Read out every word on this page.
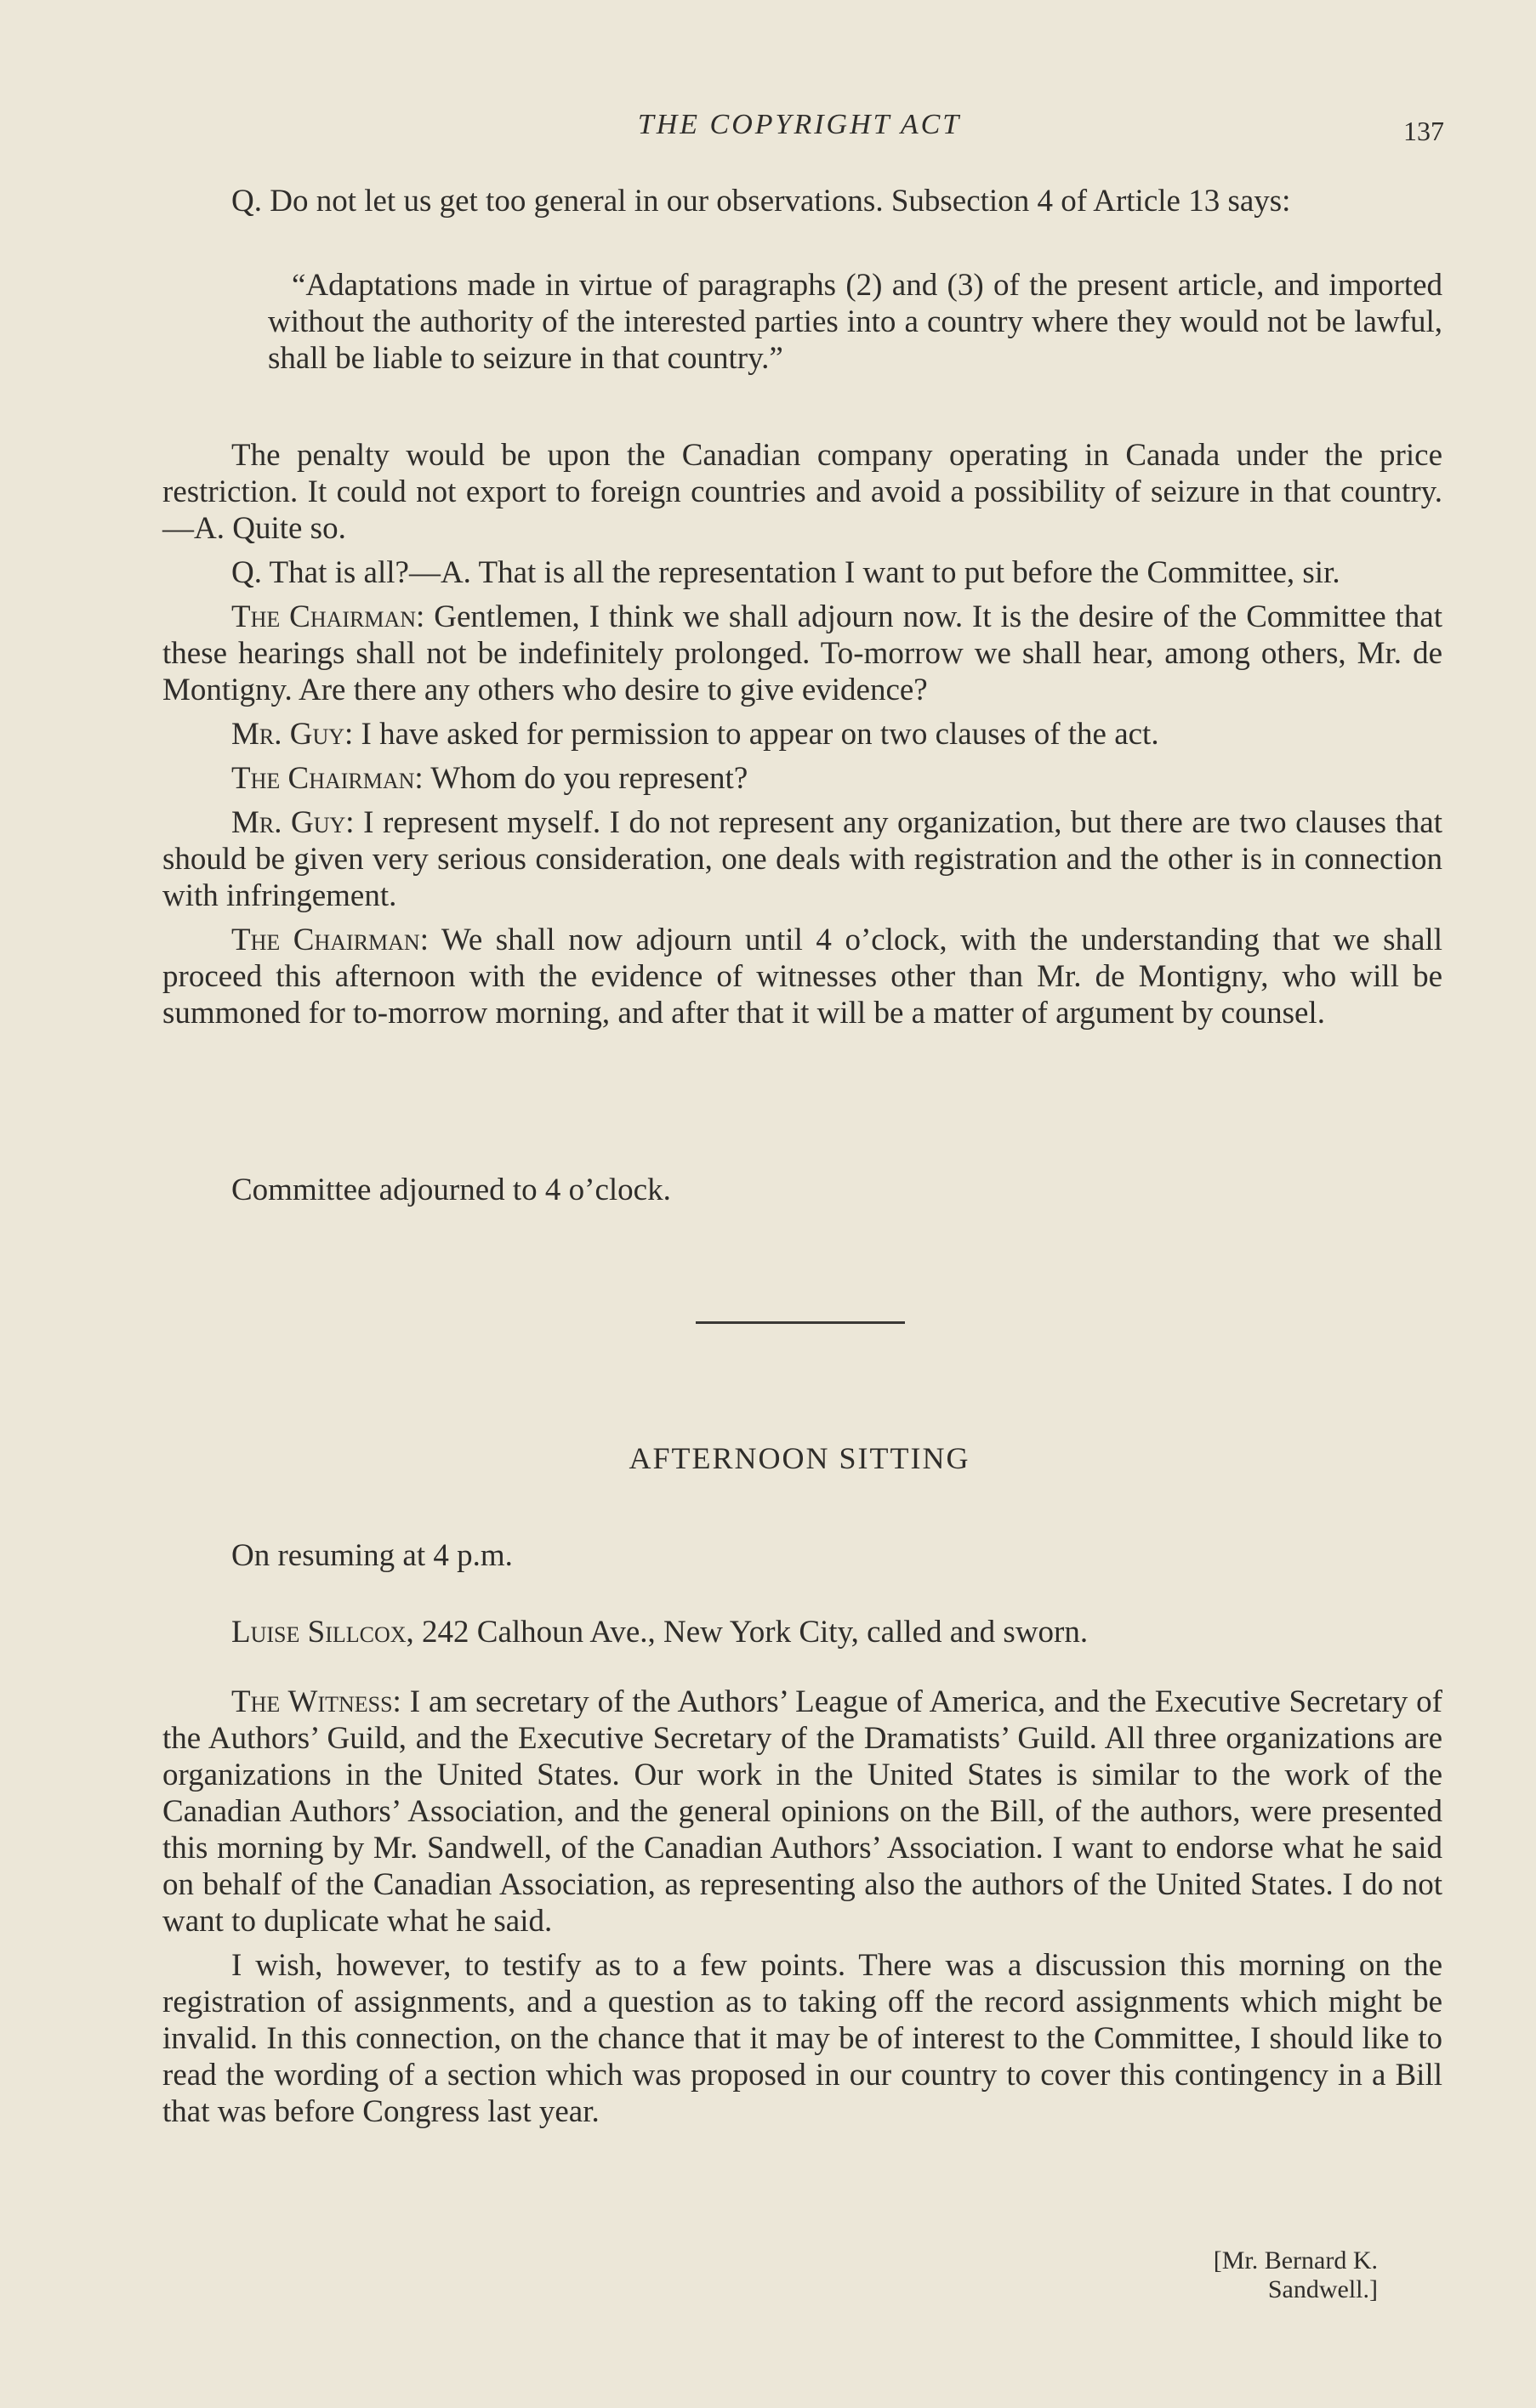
THE COPYRIGHT ACT	137

Q. Do not let us get too general in our observations. Subsection 4 of Article 13 says:

“Adaptations made in virtue of paragraphs (2) and (3) of the present article, and imported without the authority of the interested parties into a country where they would not be lawful, shall be liable to seizure in that country.”

The penalty would be upon the Canadian company operating in Canada under the price restriction. It could not export to foreign countries and avoid a possibility of seizure in that country.—A. Quite so.

Q. That is all?—A. That is all the representation I want to put before the Committee, sir.

The Chairman: Gentlemen, I think we shall adjourn now. It is the desire of the Committee that these hearings shall not be indefinitely prolonged. To-morrow we shall hear, among others, Mr. de Montigny. Are there any others who desire to give evidence?

Mr. Guy: I have asked for permission to appear on two clauses of the act.

The Chairman: Whom do you represent?

Mr. Guy: I represent myself. I do not represent any organization, but there are two clauses that should be given very serious consideration, one deals with registration and the other is in connection with infringement.

The Chairman: We shall now adjourn until 4 o’clock, with the understanding that we shall proceed this afternoon with the evidence of witnesses other than Mr. de Montigny, who will be summoned for to-morrow morning, and after that it will be a matter of argument by counsel.

Committee adjourned to 4 o’clock.

AFTERNOON SITTING

On resuming at 4 p.m.

Luise Sillcox, 242 Calhoun Ave., New York City, called and sworn.

The Witness: I am secretary of the Authors’ League of America, and the Executive Secretary of the Authors’ Guild, and the Executive Secretary of the Dramatists’ Guild. All three organizations are organizations in the United States. Our work in the United States is similar to the work of the Canadian Authors’ Association, and the general opinions on the Bill, of the authors, were presented this morning by Mr. Sandwell, of the Canadian Authors’ Association. I want to endorse what he said on behalf of the Canadian Association, as representing also the authors of the United States. I do not want to duplicate what he said.

I wish, however, to testify as to a few points. There was a discussion this morning on the registration of assignments, and a question as to taking off the record assignments which might be invalid. In this connection, on the chance that it may be of interest to the Committee, I should like to read the wording of a section which was proposed in our country to cover this contingency in a Bill that was before Congress last year.

[Mr. Bernard K. Sandwell.]
